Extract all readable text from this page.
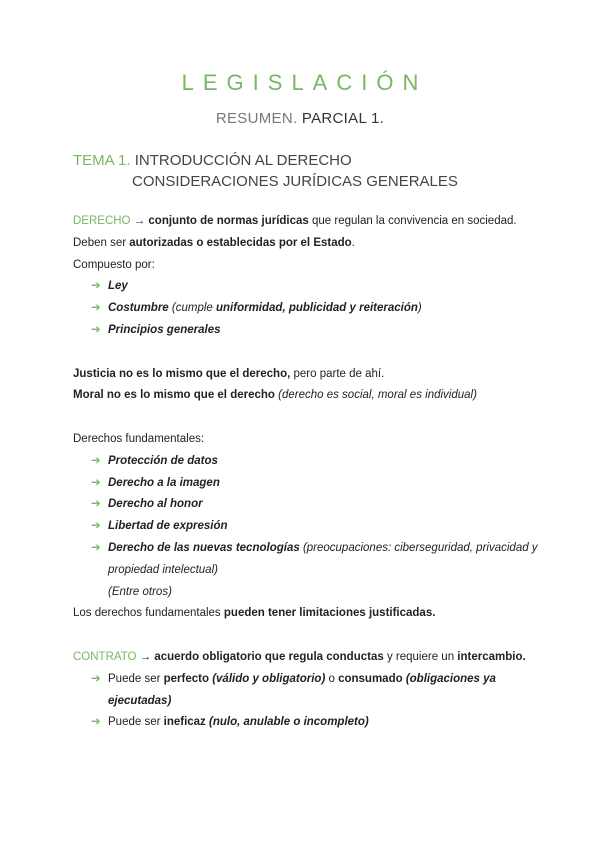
LEGISLACIÓN
RESUMEN. PARCIAL 1.
TEMA 1. INTRODUCCIÓN AL DERECHO
CONSIDERACIONES JURÍDICAS GENERALES

DERECHO → conjunto de normas jurídicas que regulan la convivencia en sociedad.

Deben ser autorizadas o establecidas por el Estado.

Compuesto por:

➔ Ley
➔ Costumbre (cumple uniformidad, publicidad y reiteración)
➔ Principios generales

Justicia no es lo mismo que el derecho, pero parte de ahí.

Moral no es lo mismo que el derecho (derecho es social, moral es individual)

Derechos fundamentales:

➔ Protección de datos
➔ Derecho a la imagen
➔ Derecho al honor
➔ Libertad de expresión
➔ Derecho de las nuevas tecnologías (preocupaciones: ciberseguridad, privacidad y propiedad intelectual)

(Entre otros)

Los derechos fundamentales pueden tener limitaciones justificadas.

CONTRATO → acuerdo obligatorio que regula conductas y requiere un intercambio.

➔ Puede ser perfecto (válido y obligatorio) o consumado (obligaciones ya ejecutadas)
➔ Puede ser ineficaz (nulo, anulable o incompleto)
